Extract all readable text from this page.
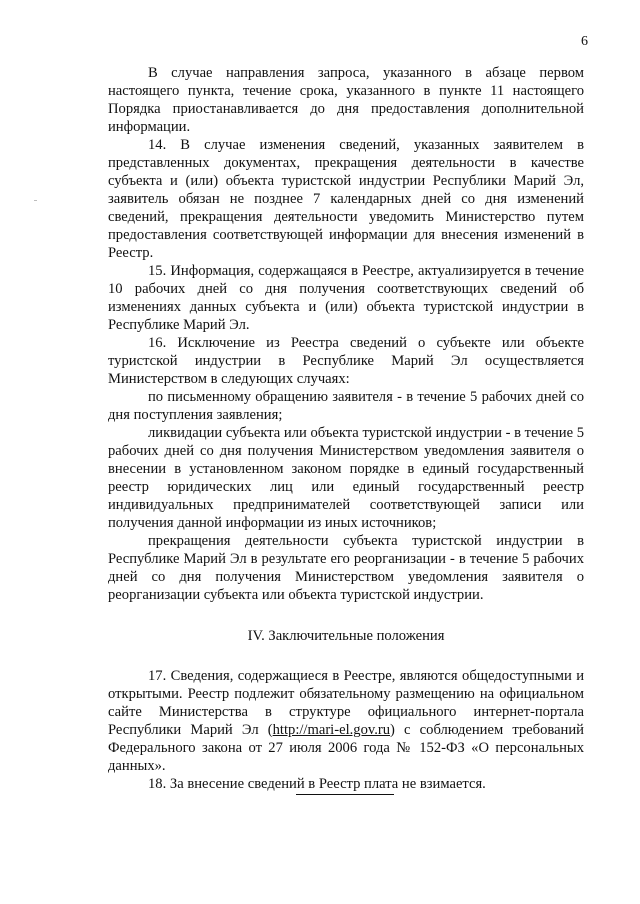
6

В случае направления запроса, указанного в абзаце первом настоящего пункта, течение срока, указанного в пункте 11 настоящего Порядка приостанавливается до дня предоставления дополнительной информации.

14. В случае изменения сведений, указанных заявителем в представленных документах, прекращения деятельности в качестве субъекта и (или) объекта туристской индустрии Республики Марий Эл, заявитель обязан не позднее 7 календарных дней со дня изменений сведений, прекращения деятельности уведомить Министерство путем предоставления соответствующей информации для внесения изменений в Реестр.

15. Информация, содержащаяся в Реестре, актуализируется в течение 10 рабочих дней со дня получения соответствующих сведений об изменениях данных субъекта и (или) объекта туристской индустрии в Республике Марий Эл.

16. Исключение из Реестра сведений о субъекте или объекте туристской индустрии в Республике Марий Эл осуществляется Министерством в следующих случаях:

по письменному обращению заявителя - в течение 5 рабочих дней со дня поступления заявления;

ликвидации субъекта или объекта туристской индустрии - в течение 5 рабочих дней со дня получения Министерством уведомления заявителя о внесении в установленном законом порядке в единый государственный реестр юридических лиц или единый государственный реестр индивидуальных предпринимателей соответствующей записи или получения данной информации из иных источников;

прекращения деятельности субъекта туристской индустрии в Республике Марий Эл в результате его реорганизации - в течение 5 рабочих дней со дня получения Министерством уведомления заявителя о реорганизации субъекта или объекта туристской индустрии.

IV. Заключительные положения

17. Сведения, содержащиеся в Реестре, являются общедоступными и открытыми. Реестр подлежит обязательному размещению на официальном сайте Министерства в структуре официального интернет-портала Республики Марий Эл (http://mari-el.gov.ru) с соблюдением требований Федерального закона от 27 июля 2006 года № 152-ФЗ «О персональных данных».

18. За внесение сведений в Реестр плата не взимается.
